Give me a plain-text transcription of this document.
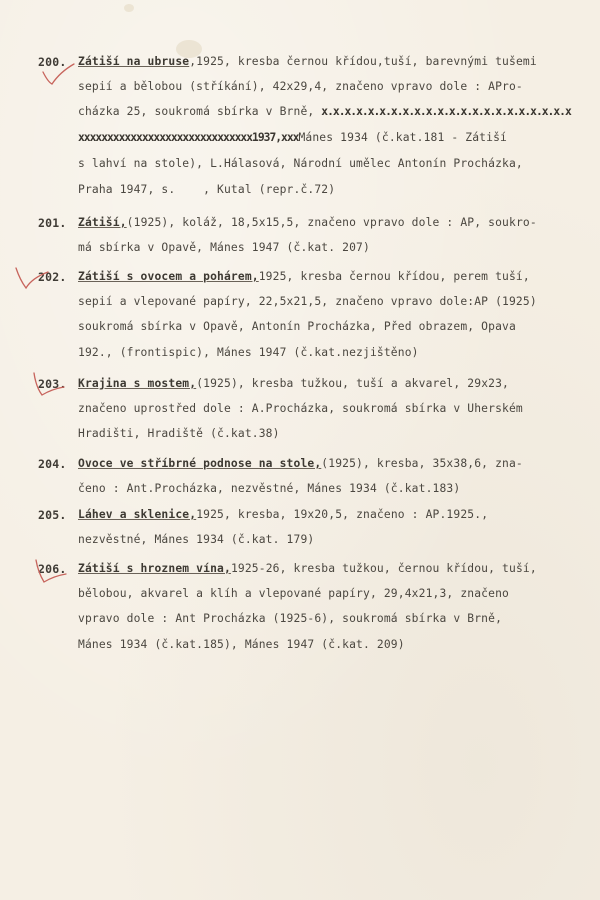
200. Zátiší na ubruse,1925, kresba černou křídou,tuší, barevnými tušemi
sepií a bělobou (stříkání), 42x29,4, značeno vpravo dole : APro-
cházka 25, soukromá sbírka v Brně, x.x.x.x.x.x.x.x.x.x.x.x.x.x.x.x.x.x.x.x.x.x
xxxxxxxxxxxxxxxxxxxxxxxxxxxxxx1937,xxxMánes 1934 (č.kat.181 - Zátiší
s lahví na stole), L.Hálasová, Národní umělec Antonín Procházka,
Praha 1947, s.    , Kutal (repr.č.72)
201. Zátiší,(1925), koláž, 18,5x15,5, značeno vpravo dole : AP, soukro-
má sbírka v Opavě, Mánes 1947 (č.kat. 207)
202. Zátiší s ovocem a pohárem,1925, kresba černou křídou, perem tuší,
sepií a vlepované papíry, 22,5x21,5, značeno vpravo dole:AP (1925)
soukromá sbírka v Opavě, Antonín Procházka, Před obrazem, Opava
192., (frontispic), Mánes 1947 (č.kat.nezjištěno)
203. Krajina s mostem,(1925), kresba tužkou, tuší a akvarel, 29x23,
značeno uprostřed dole : A.Procházka, soukromá sbírka v Uherském
Hradišti, Hradiště (č.kat.38)
204. Ovoce ve stříbrné podnose na stole,(1925), kresba, 35x38,6, zna-
čeno : Ant.Procházka, nezvěstné, Mánes 1934 (č.kat.183)
205. Láhev a sklenice,1925, kresba, 19x20,5, značeno : AP.1925.,
nezvěstné, Mánes 1934 (č.kat. 179)
206. Zátiší s hroznem vína,1925-26, kresba tužkou, černou křídou, tuší,
bělobou, akvarel a klíh a vlepované papíry, 29,4x21,3, značeno
vpravo dole : Ant Procházka (1925-6), soukromá sbírka v Brně,
Mánes 1934 (č.kat.185), Mánes 1947 (č.kat. 209)
